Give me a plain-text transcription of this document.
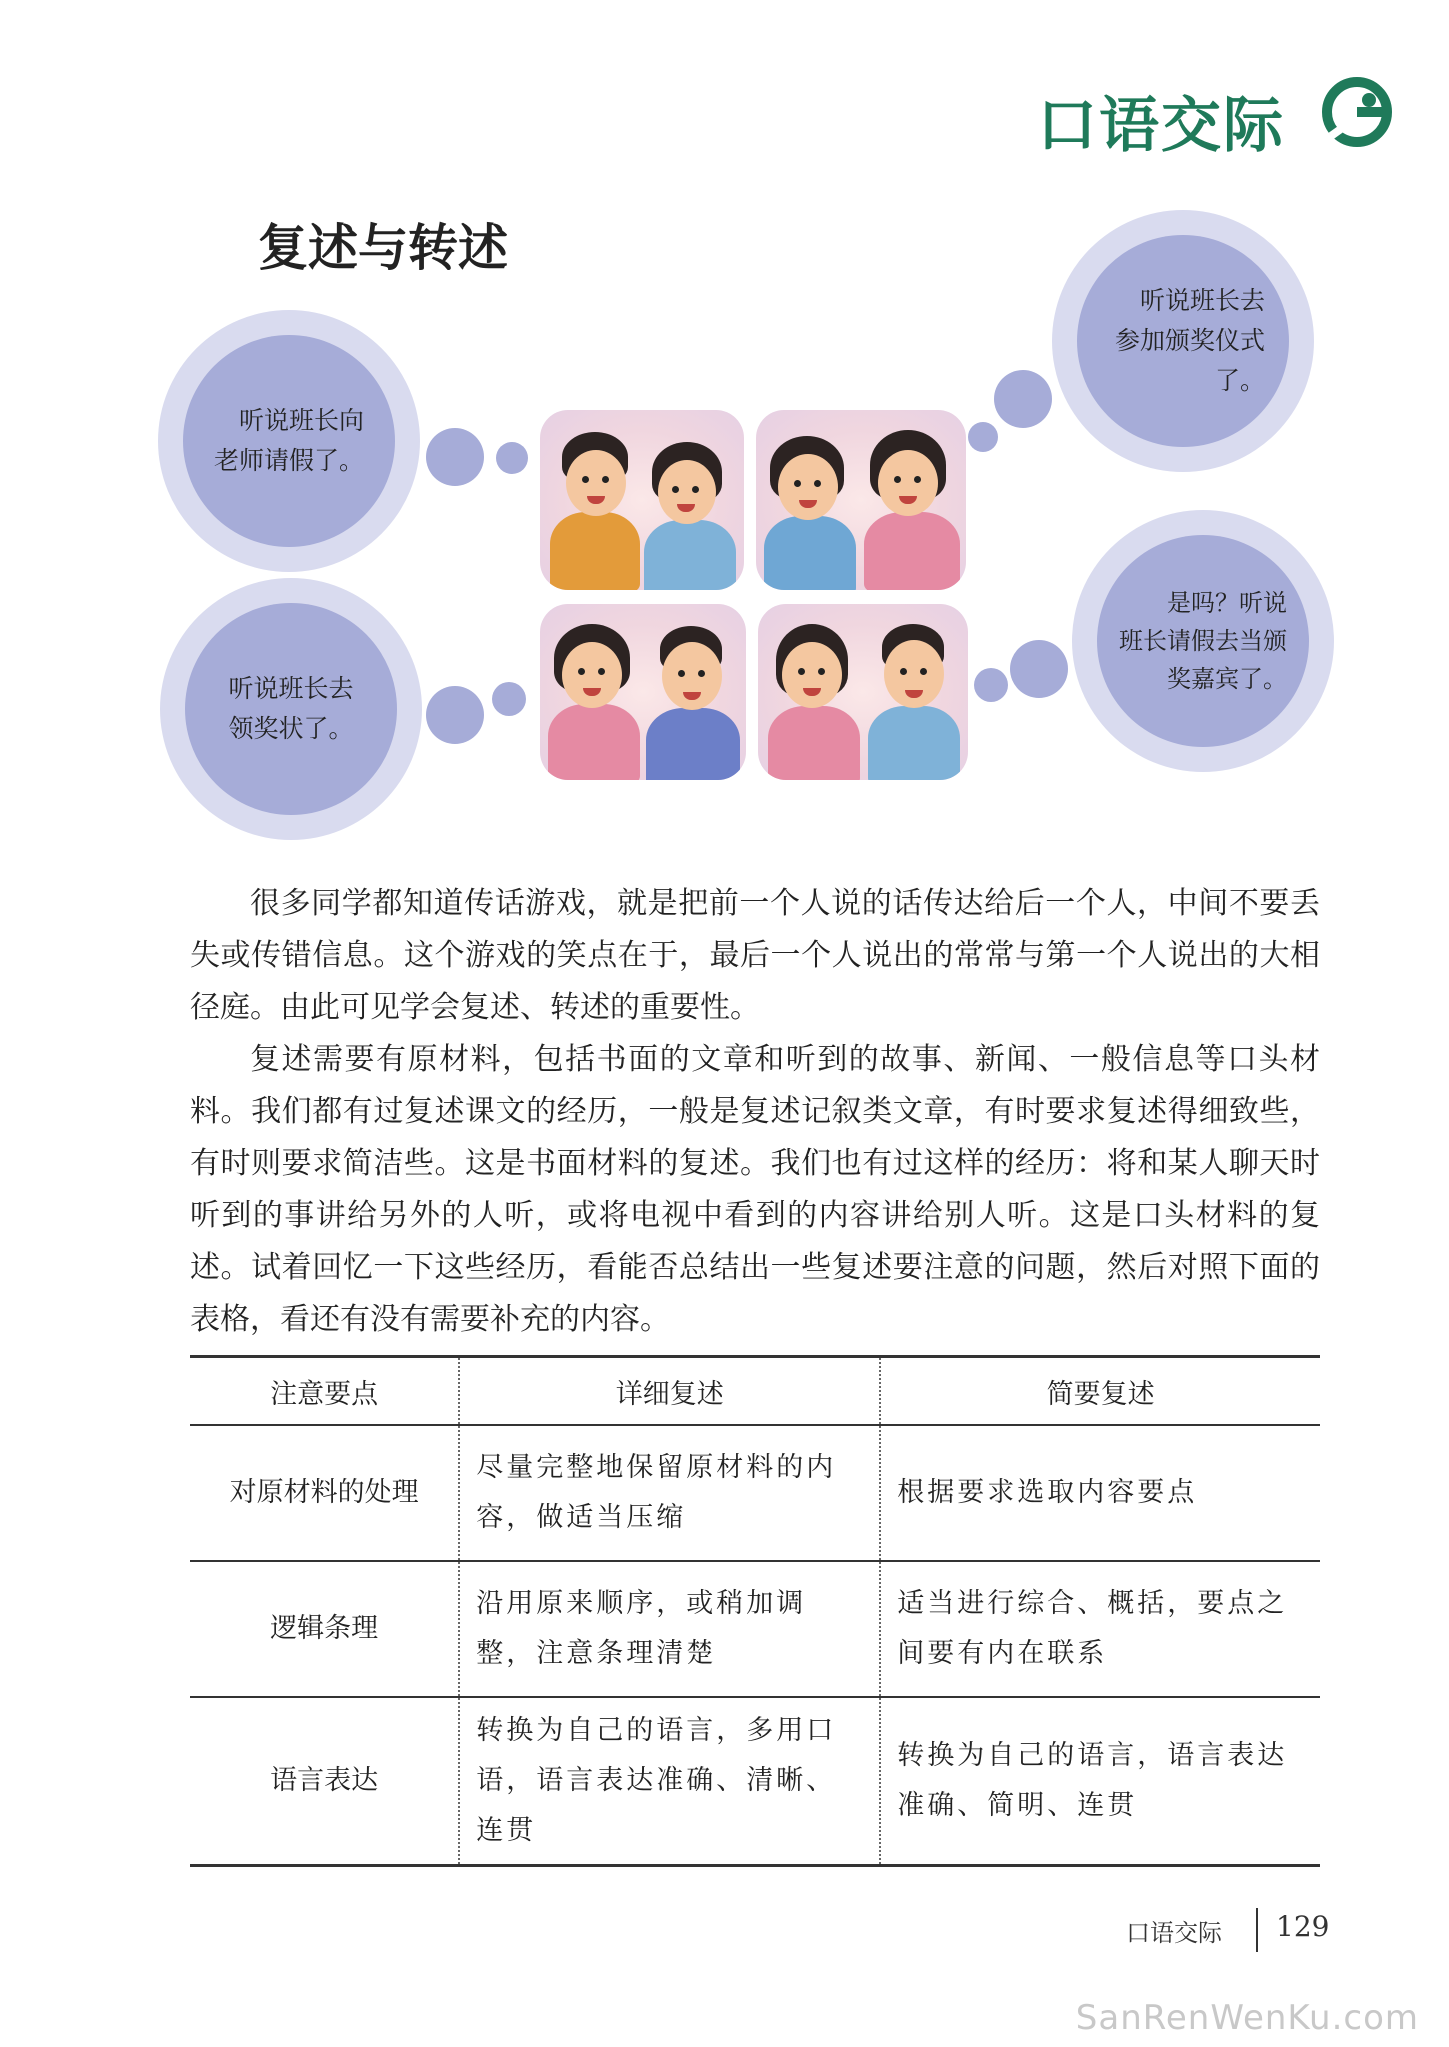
口语交际
复述与转述
听说班长向
老师请假了。
听说班长去
参加颁奖仪式了。
听说班长去
领奖状了。
是吗？听说
班长请假去当颁
奖嘉宾了。

很多同学都知道传话游戏，就是把前一个人说的话传达给后一个人，中间不要丢失或传错信息。这个游戏的笑点在于，最后一个人说出的常常与第一个人说出的大相径庭。由此可见学会复述、转述的重要性。

复述需要有原材料，包括书面的文章和听到的故事、新闻、一般信息等口头材料。我们都有过复述课文的经历，一般是复述记叙类文章，有时要求复述得细致些，有时则要求简洁些。这是书面材料的复述。我们也有过这样的经历：将和某人聊天时听到的事讲给另外的人听，或将电视中看到的内容讲给别人听。这是口头材料的复述。试着回忆一下这些经历，看能否总结出一些复述要注意的问题，然后对照下面的表格，看还有没有需要补充的内容。

注意要点	详细复述	简要复述
对原材料的处理	尽量完整地保留原材料的内容，做适当压缩	根据要求选取内容要点
逻辑条理	沿用原来顺序，或稍加调整，注意条理清楚	适当进行综合、概括，要点之间要有内在联系
语言表达	转换为自己的语言，多用口语，语言表达准确、清晰、连贯	转换为自己的语言，语言表达准确、简明、连贯
口语交际 129
SanRenWenKu.com
